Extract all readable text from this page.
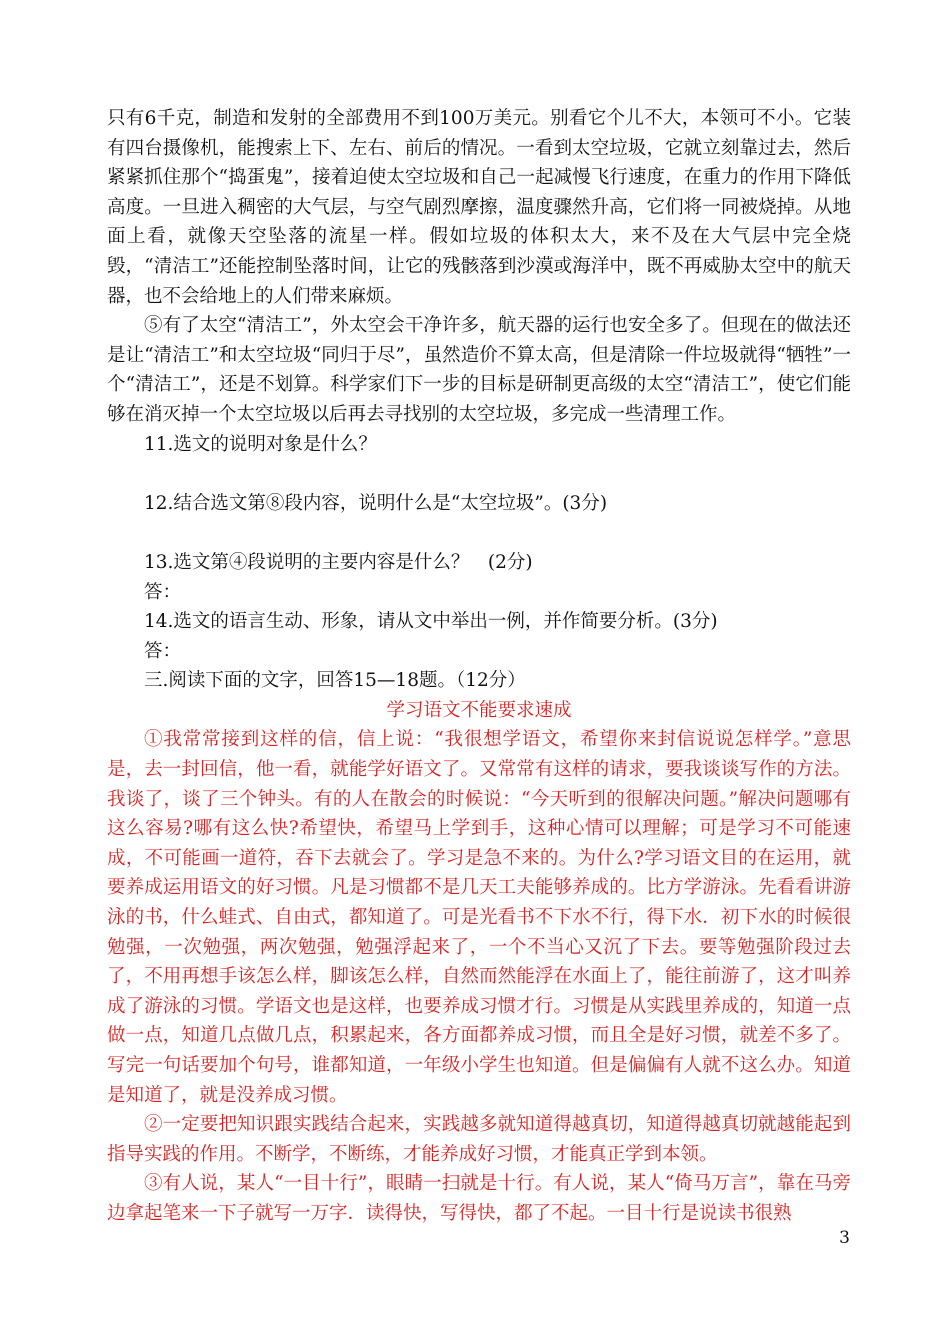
只有6千克，制造和发射的全部费用不到100万美元。别看它个儿不大，本领可不小。它装有四台摄像机，能搜索上下、左右、前后的情况。一看到太空垃圾，它就立刻靠过去，然后紧紧抓住那个“捣蛋鬼”，接着迫使太空垃圾和自己一起减慢飞行速度，在重力的作用下降低高度。一旦进入稠密的大气层，与空气剧烈摩擦，温度骤然升高，它们将一同被烧掉。从地面上看，就像天空坠落的流星一样。假如垃圾的体积太大，来不及在大气层中完全烧毁，“清洁工”还能控制坠落时间，让它的残骸落到沙漠或海洋中，既不再威胁太空中的航天器，也不会给地上的人们带来麻烦。

⑤有了太空“清洁工”，外太空会干净许多，航天器的运行也安全多了。但现在的做法还是让“清洁工”和太空垃圾“同归于尽”，虽然造价不算太高，但是清除一件垃圾就得“牺牲”一个“清洁工”，还是不划算。科学家们下一步的目标是研制更高级的太空“清洁工”，使它们能够在消灭掉一个太空垃圾以后再去寻找别的太空垃圾，多完成一些清理工作。

11.选文的说明对象是什么？

12.结合选文第⑧段内容，说明什么是“太空垃圾”。(3分)

13.选文第④段说明的主要内容是什么？　(2分)

答：

14.选文的语言生动、形象，请从文中举出一例，并作简要分析。(3分)

答：

三.阅读下面的文字，回答15—18题。（12分）

学习语文不能要求速成

①我常常接到这样的信，信上说：“我很想学语文，希望你来封信说说怎样学。”意思是，去一封回信，他一看，就能学好语文了。又常常有这样的请求，要我谈谈写作的方法。我谈了，谈了三个钟头。有的人在散会的时候说：“今天听到的很解决问题。”解决问题哪有这么容易?哪有这么快?希望快，希望马上学到手，这种心情可以理解；可是学习不可能速成，不可能画一道符，吞下去就会了。学习是急不来的。为什么?学习语文目的在运用，就要养成运用语文的好习惯。凡是习惯都不是几天工夫能够养成的。比方学游泳。先看看讲游泳的书，什么蛙式、自由式，都知道了。可是光看书不下水不行，得下水．初下水的时候很勉强，一次勉强，两次勉强，勉强浮起来了，一个不当心又沉了下去。要等勉强阶段过去了，不用再想手该怎么样，脚该怎么样，自然而然能浮在水面上了，能往前游了，这才叫养成了游泳的习惯。学语文也是这样，也要养成习惯才行。习惯是从实践里养成的，知道一点做一点，知道几点做几点，积累起来，各方面都养成习惯，而且全是好习惯，就差不多了。写完一句话要加个句号，谁都知道，一年级小学生也知道。但是偏偏有人就不这么办。知道是知道了，就是没养成习惯。

②一定要把知识跟实践结合起来，实践越多就知道得越真切，知道得越真切就越能起到指导实践的作用。不断学，不断练，才能养成好习惯，才能真正学到本领。

③有人说，某人“一目十行”，眼睛一扫就是十行。有人说，某人“倚马万言”，靠在马旁边拿起笔来一下子就写一万字．读得快，写得快，都了不起。一目十行是说读书很熟

3
